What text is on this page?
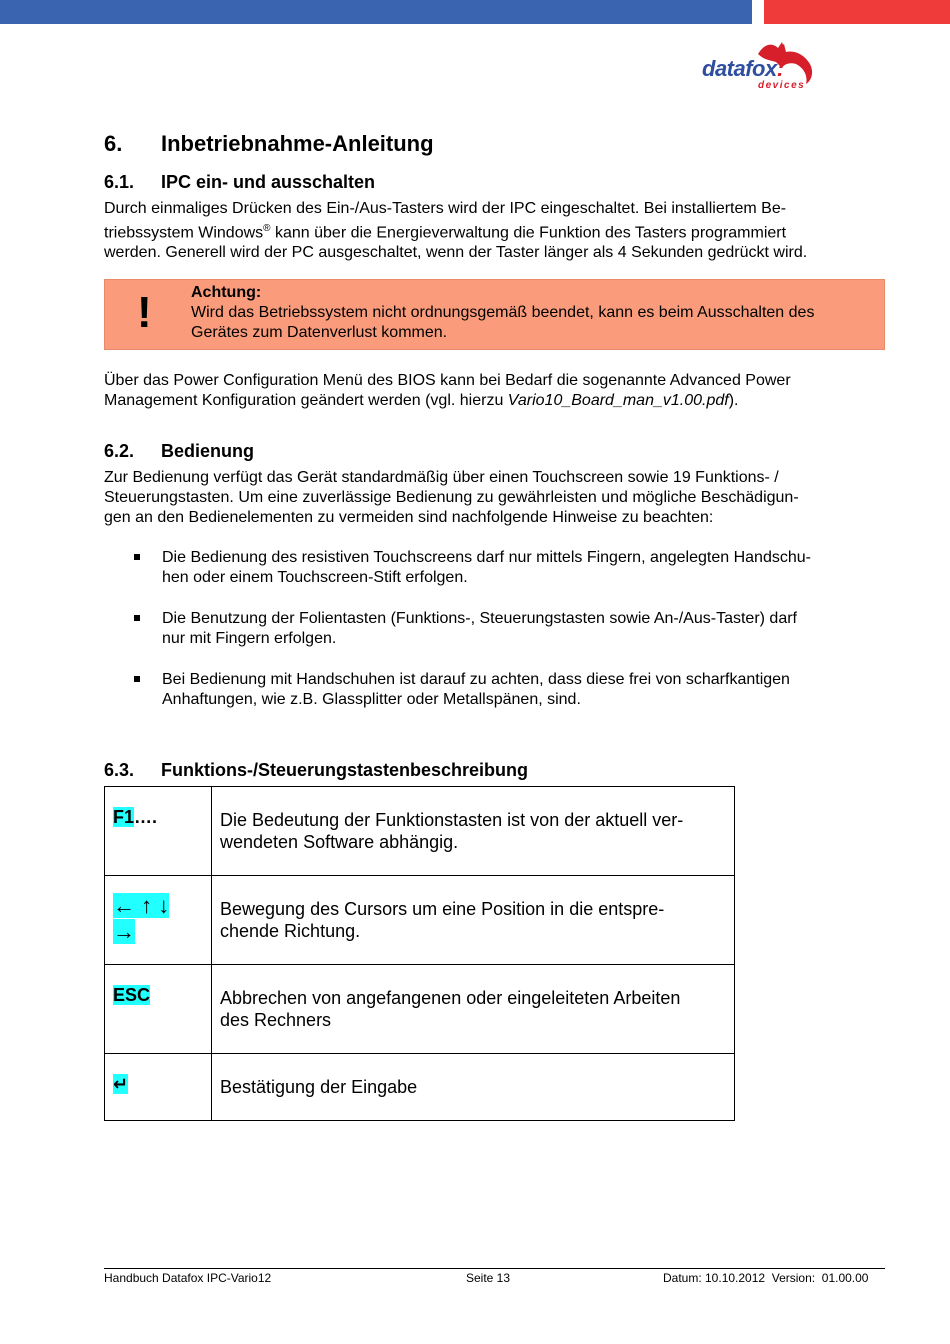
datafox:
devices
6. Inbetriebnahme-Anleitung
6.1. IPC ein- und ausschalten
Durch einmaliges Drücken des Ein-/Aus-Tasters wird der IPC eingeschaltet. Bei installiertem Be-
triebssystem Windows® kann über die Energieverwaltung die Funktion des Tasters programmiert
werden. Generell wird der PC ausgeschaltet, wenn der Taster länger als 4 Sekunden gedrückt wird.
! Achtung:
Wird das Betriebssystem nicht ordnungsgemäß beendet, kann es beim Ausschalten des
Gerätes zum Datenverlust kommen.
Über das Power Configuration Menü des BIOS kann bei Bedarf die sogenannte Advanced Power
Management Konfiguration geändert werden (vgl. hierzu Vario10_Board_man_v1.00.pdf).
6.2. Bedienung
Zur Bedienung verfügt das Gerät standardmäßig über einen Touchscreen sowie 19 Funktions- /
Steuerungstasten. Um eine zuverlässige Bedienung zu gewährleisten und mögliche Beschädigun-
gen an den Bedienelementen zu vermeiden sind nachfolgende Hinweise zu beachten:
Die Bedienung des resistiven Touchscreens darf nur mittels Fingern, angelegten Handschu-
hen oder einem Touchscreen-Stift erfolgen.
Die Benutzung der Folientasten (Funktions-, Steuerungstasten sowie An-/Aus-Taster) darf
nur mit Fingern erfolgen.
Bei Bedienung mit Handschuhen ist darauf zu achten, dass diese frei von scharfkantigen
Anhaftungen, wie z.B. Glassplitter oder Metallspänen, sind.
6.3. Funktions-/Steuerungstastenbeschreibung
F1….	Die Bedeutung der Funktionstasten ist von der aktuell ver-
wendeten Software abhängig.

← ↑ ↓
→	Bewegung des Cursors um eine Position in die entspre-
chende Richtung.

ESC	Abbrechen von angefangenen oder eingeleiteten Arbeiten
des Rechners

↵	Bestätigung der Eingabe
Handbuch Datafox IPC-Vario12	Seite 13	Datum: 10.10.2012  Version:  01.00.00
